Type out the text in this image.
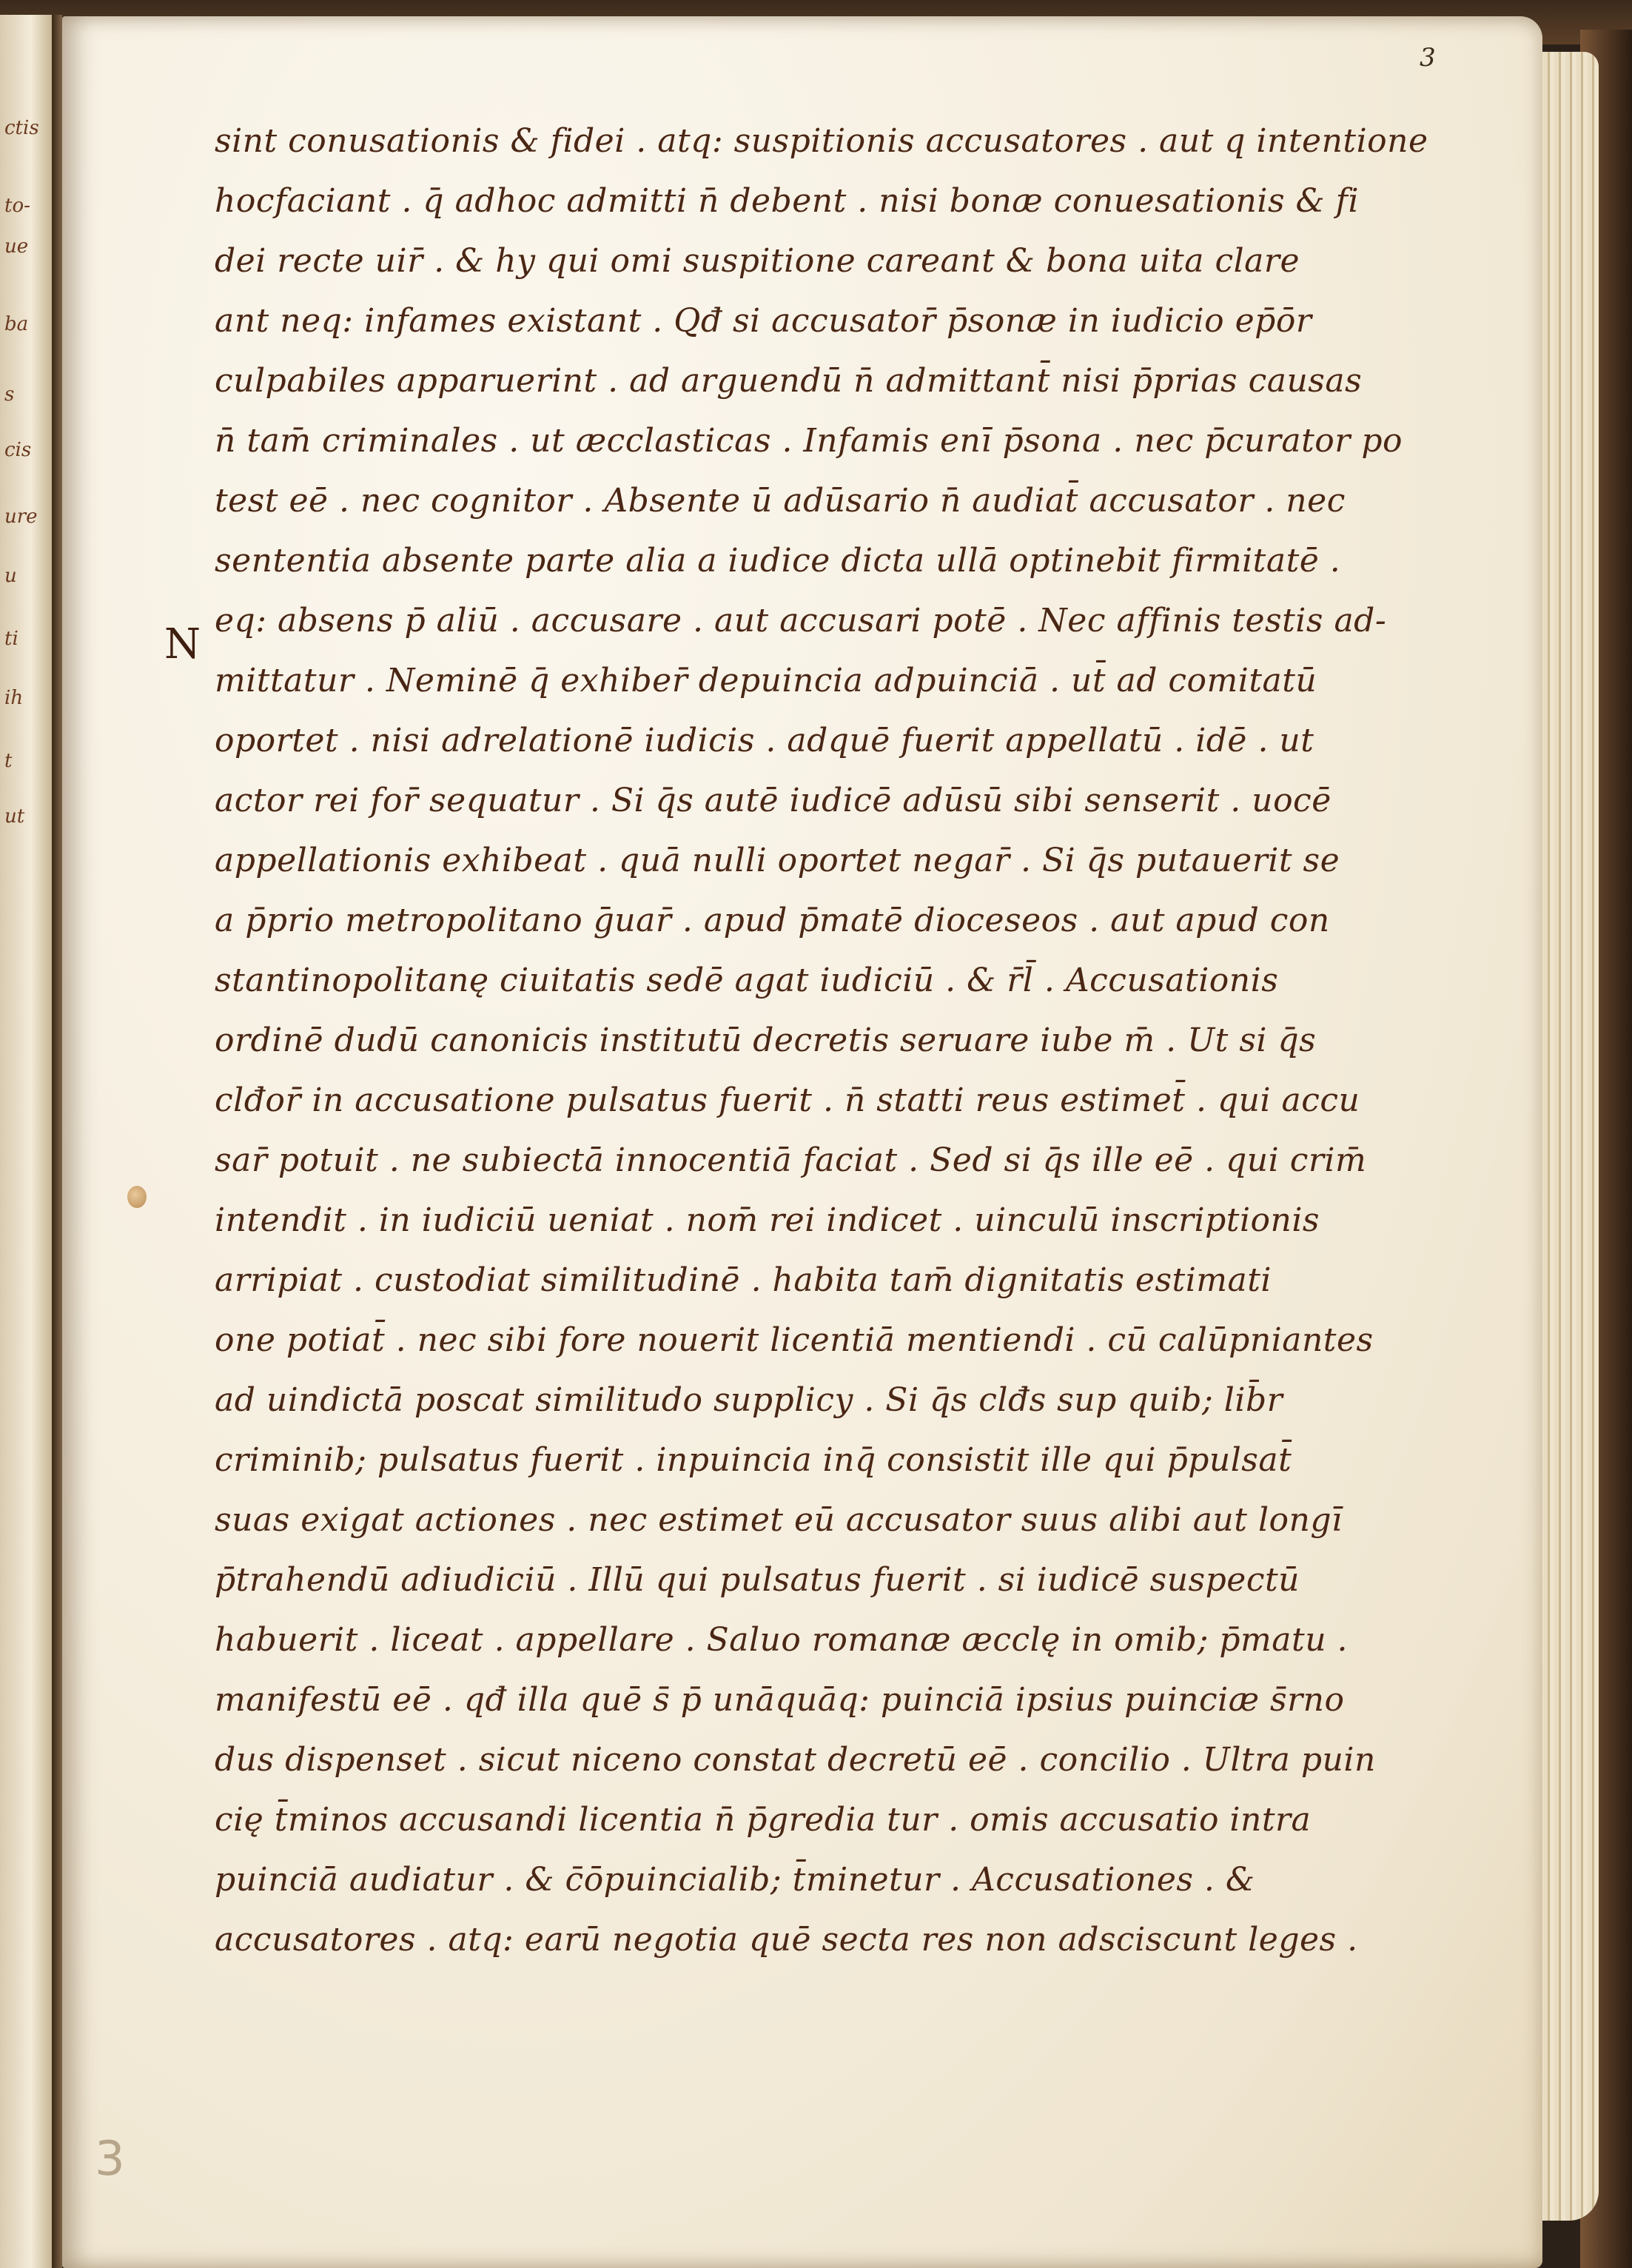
ctis
to-
ue
ba
s
cis
ure
u
ti
ih
t
ut
3
N
sint conusationis & fidei . atq: suspitionis accusatores . aut q intentione
hocfaciant . q̄ adhoc admitti n̄ debent . nisi bonæ conuesationis & fi
dei recte uir̄ . & hy qui omi suspitione careant & bona uita clare
ant neq: infames existant . Qđ si accusator̄ p̄sonæ in iudicio ep̄ōr
culpabiles apparuerint . ad arguendū n̄ admittant̄ nisi p̄prias causas
n̄ tam̄ criminales . ut æcclasticas . Infamis enī p̄sona . nec p̄curator po
test eē . nec cognitor . Absente ū adūsario n̄ audiat̄ accusator . nec
sententia absente parte alia a iudice dicta ullā optinebit firmitatē .
eq: absens p̄ aliū . accusare . aut accusari potē . Nec affinis testis ad-
mittatur . Neminē q̄ exhiber̄ depuincia adpuinciā . ut̄ ad comitatū
oportet . nisi adrelationē iudicis . adquē fuerit appellatū . idē . ut
actor rei for̄ sequatur . Si q̄s autē iudicē adūsū sibi senserit . uocē
appellationis exhibeat . quā nulli oportet negar̄ . Si q̄s putauerit se
a p̄prio metropolitano ḡuar̄ . apud p̄matē dioceseos . aut apud con
stantinopolitanę ciuitatis sedē agat iudiciū . & r̄l̄ . Accusationis
ordinē dudū canonicis institutū decretis seruare iube m̄ . Ut si q̄s
clđor̄ in accusatione pulsatus fuerit . n̄ statti reus estimet̄ . qui accu
sar̄ potuit . ne subiectā innocentiā faciat . Sed si q̄s ille eē . qui crim̄
intendit . in iudiciū ueniat . nom̄ rei indicet . uinculū inscriptionis
arripiat . custodiat similitudinē . habita tam̄ dignitatis estimati
one potiat̄ . nec sibi fore nouerit licentiā mentiendi . cū calūpniantes
ad uindictā poscat similitudo supplicy . Si q̄s clđs sup quib; lib̄r
criminib; pulsatus fuerit . inpuincia inq̄ consistit ille qui p̄pulsat̄
suas exigat actiones . nec estimet eū accusator suus alibi aut longī
p̄trahendū adiudiciū . Illū qui pulsatus fuerit . si iudicē suspectū
habuerit . liceat . appellare . Saluo romanæ æcclę in omib; p̄matu .
manifestū eē . qđ illa quē s̄ p̄ unāquāq: puinciā ipsius puinciæ s̄rno
dus dispenset . sicut niceno constat decretū eē . concilio . Ultra puin
cię t̄minos accusandi licentia n̄ p̄gredia tur . omis accusatio intra
puinciā audiatur . & c̄ōpuincialib; t̄minetur . Accusationes . &
accusatores . atq: earū negotia quē secta res non adsciscunt leges .
3
